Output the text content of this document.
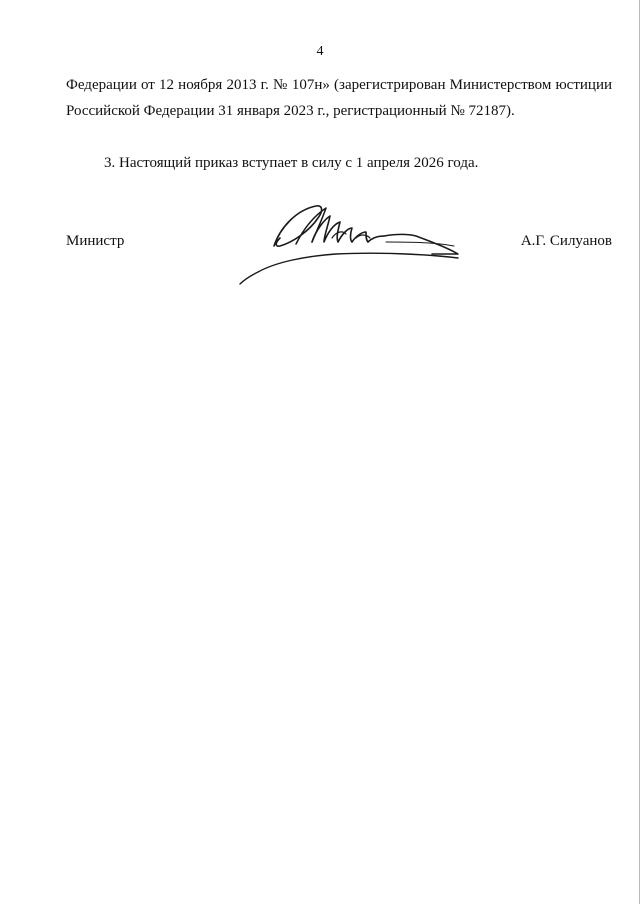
4

Федерации от 12 ноября 2013 г. № 107н» (зарегистрирован Министерством юстиции Российской Федерации 31 января 2023 г., регистрационный № 72187).

3. Настоящий приказ вступает в силу с 1 апреля 2026 года.

Министр	А.Г. Силуанов
